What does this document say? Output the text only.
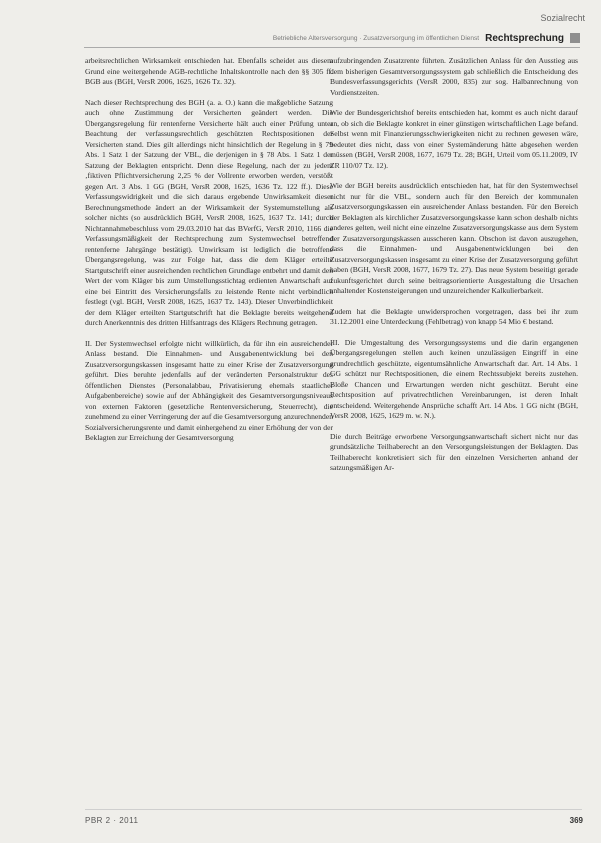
Sozialrecht
Betriebliche Altersversorgung · Zusatzversorgung im öffentlichen Dienst Rechtsprechung

arbeitsrechtlichen Wirksamkeit entschieden hat. Ebenfalls scheidet aus diesem Grund eine weitergehende AGB-rechtliche Inhaltskontrolle nach den §§ 305 ff. BGB aus (BGH, VersR 2006, 1625, 1626 Tz. 32).

Nach dieser Rechtsprechung des BGH (a. a. O.) kann die maßgebliche Satzung auch ohne Zustimmung der Versicherten geändert werden. Die Übergangsregelung für rentenferne Versicherte hält auch einer Prüfung unter Beachtung der verfassungsrechtlich geschützten Rechtspositionen der Versicherten stand. Dies gilt allerdings nicht hinsichtlich der Regelung in § 79 Abs. 1 Satz 1 der Satzung der VBL, die derjenigen in § 78 Abs. 1 Satz 1 der Satzung der Beklagten entspricht. Denn diese Regelung, nach der zu jedem ‚fiktiven Pflichtversicherung 2,25 % der Vollrente erworben werden, verstößt gegen Art. 3 Abs. 1 GG (BGH, VersR 2008, 1625, 1636 Tz. 122 ff.). Diese Verfassungswidrigkeit und die sich daraus ergebende Unwirksamkeit dieser Berechnungsmethode ändert an der Wirksamkeit der Systemumstellung als solcher nichts (so ausdrücklich BGH, VersR 2008, 1625, 1637 Tz. 141; durch Nichtannahmebeschluss vom 29.03.2010 hat das BVerfG, VersR 2010, 1166 die Verfassungsmäßigkeit der Rechtsprechung zum Systemwechsel betreffend rentenferne Jahrgänge bestätigt). Unwirksam ist lediglich die betroffene Übergangsregelung, was zur Folge hat, dass die dem Kläger erteilte Startgutschrift einer ausreichenden rechtlichen Grundlage entbehrt und damit den Wert der vom Kläger bis zum Umstellungsstichtag erdienten Anwartschaft auf eine bei Eintritt des Versicherungsfalls zu leistende Rente nicht verbindlich festlegt (vgl. BGH, VersR 2008, 1625, 1637 Tz. 143). Dieser Unverbindlichkeit der dem Kläger erteilten Startgutschrift hat die Beklagte bereits weitgehend durch Anerkenntnis des dritten Hilfsantrags des Klägers Rechnung getragen.

II. Der Systemwechsel erfolgte nicht willkürlich, da für ihn ein ausreichender Anlass bestand. Die Einnahmen- und Ausgabenentwicklung bei den Zusatzversorgungskassen insgesamt hatte zu einer Krise der Zusatzversorgung geführt. Dies beruhte jedenfalls auf der veränderten Personalstruktur des öffentlichen Dienstes (Personalabbau, Privatisierung ehemals staatlicher Aufgabenbereiche) sowie auf der Abhängigkeit des Gesamtversorgungsniveaus von externen Faktoren (gesetzliche Rentenversicherung, Steuerrecht), die zunehmend zu einer Verringerung der auf die Gesamtversorgung anzurechnenden Sozialversicherungsrente und damit einhergehend zu einer Erhöhung der von der Beklagten zur Erreichung der Gesamtversorgung

aufzubringenden Zusatzrente führten. Zusätzlichen Anlass für den Ausstieg aus dem bisherigen Gesamtversorgungssystem gab schließlich die Entscheidung des Bundesverfassungsgerichts (VersR 2000, 835) zur sog. Halbanrechnung von Vordienstzeiten.

Wie der Bundesgerichtshof bereits entschieden hat, kommt es auch nicht darauf an, ob sich die Beklagte konkret in einer günstigen wirtschaftlichen Lage befand. Selbst wenn mit Finanzierungsschwierigkeiten nicht zu rechnen gewesen wäre, bedeutet dies nicht, dass von einer Systemänderung hätte abgesehen werden müssen (BGH, VersR 2008, 1677, 1679 Tz. 28; BGH, Urteil vom 05.11.2009, IV ZR 110/07 Tz. 12).

Wie der BGH bereits ausdrücklich entschieden hat, hat für den Systemwechsel nicht nur für die VBL, sondern auch für den Bereich der kommunalen Zusatzversorgungskassen ein ausreichender Anlass bestanden. Für den Bereich der Beklagten als kirchlicher Zusatzversorgungskasse kann schon deshalb nichts anderes gelten, weil nicht eine einzelne Zusatzversorgungskasse aus dem System der Zusatzversorgungskassen ausscheren kann. Obschon ist davon auszugehen, dass die Einnahmen- und Ausgabenentwicklungen bei den Zusatzversorgungskassen insgesamt zu einer Krise der Zusatzversorgung geführt haben (BGH, VersR 2008, 1677, 1679 Tz. 27). Das neue System beseitigt gerade zukunftsgerichtet durch seine beitragsorientierte Ausgestaltung die Ursachen anhaltender Kostensteigerungen und unzureichender Kalkulierbarkeit.

Zudem hat die Beklagte unwidersprochen vorgetragen, dass bei ihr zum 31.12.2001 eine Unterdeckung (Fehlbetrag) von knapp 54 Mio € bestand.

III. Die Umgestaltung des Versorgungssystems und die darin ergangenen Übergangsregelungen stellen auch keinen unzulässigen Eingriff in eine grundrechtlich geschützte, eigentumsähnliche Anwartschaft dar. Art. 14 Abs. 1 GG schützt nur Rechtspositionen, die einem Rechtssubjekt bereits zustehen. Bloße Chancen und Erwartungen werden nicht geschützt. Beruht eine Rechtsposition auf privatrechtlichen Vereinbarungen, ist deren Inhalt entscheidend. Weitergehende Ansprüche schafft Art. 14 Abs. 1 GG nicht (BGH, VersR 2008, 1625, 1629 m. w. N.).

Die durch Beiträge erworbene Versorgungsanwartschaft sichert nicht nur das grundsätzliche Teilhaberecht an den Versorgungsleistungen der Beklagten. Das Teilhaberecht konkretisiert sich für den einzelnen Versicherten anhand der satzungsmäßigen Ar-

PBR 2 · 2011	369
